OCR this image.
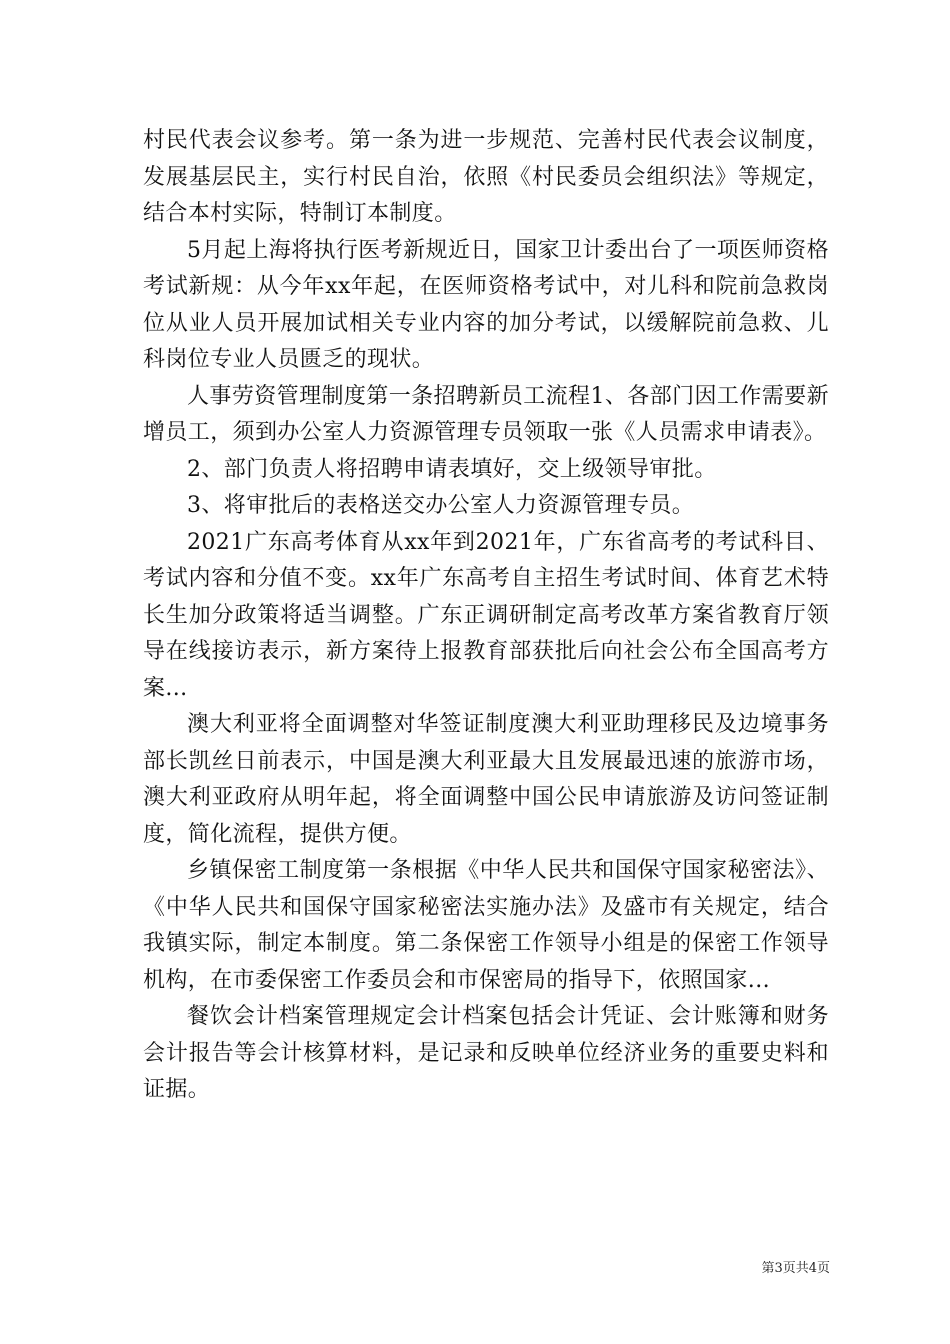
村民代表会议参考。第一条为进一步规范、完善村民代表会议制度，发展基层民主，实行村民自治，依照《村民委员会组织法》等规定，结合本村实际，特制订本制度。

5月起上海将执行医考新规近日，国家卫计委出台了一项医师资格考试新规：从今年xx年起，在医师资格考试中，对儿科和院前急救岗位从业人员开展加试相关专业内容的加分考试，以缓解院前急救、儿科岗位专业人员匮乏的现状。

人事劳资管理制度第一条招聘新员工流程1、各部门因工作需要新增员工，须到办公室人力资源管理专员领取一张《人员需求申请表》。

2、部门负责人将招聘申请表填好，交上级领导审批。

3、将审批后的表格送交办公室人力资源管理专员。

2021广东高考体育从xx年到2021年，广东省高考的考试科目、考试内容和分值不变。xx年广东高考自主招生考试时间、体育艺术特长生加分政策将适当调整。广东正调研制定高考改革方案省教育厅领导在线接访表示，新方案待上报教育部获批后向社会公布全国高考方案...

澳大利亚将全面调整对华签证制度澳大利亚助理移民及边境事务部长凯丝日前表示，中国是澳大利亚最大且发展最迅速的旅游市场，澳大利亚政府从明年起，将全面调整中国公民申请旅游及访问签证制度，简化流程，提供方便。

乡镇保密工制度第一条根据《中华人民共和国保守国家秘密法》、《中华人民共和国保守国家秘密法实施办法》及盛市有关规定，结合我镇实际，制定本制度。第二条保密工作领导小组是的保密工作领导机构，在市委保密工作委员会和市保密局的指导下，依照国家...

餐饮会计档案管理规定会计档案包括会计凭证、会计账簿和财务会计报告等会计核算材料，是记录和反映单位经济业务的重要史料和证据。

第3页共4页
